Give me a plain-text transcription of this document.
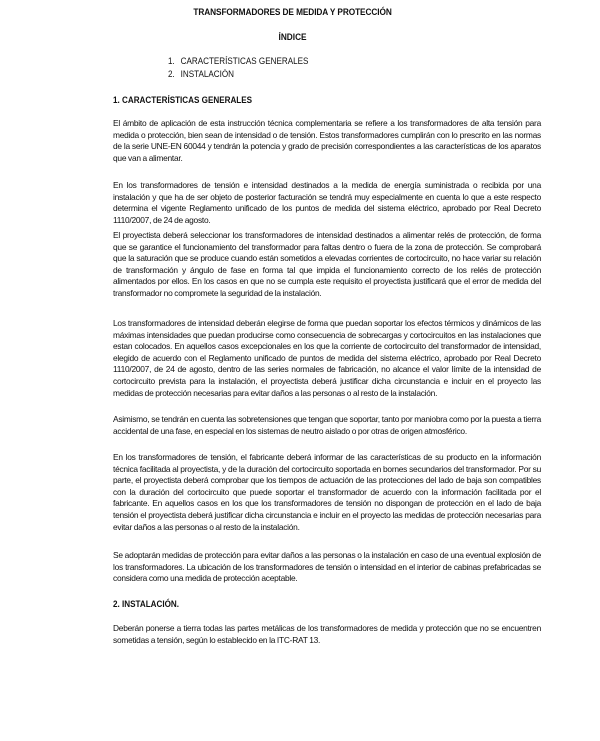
TRANSFORMADORES DE MEDIDA Y PROTECCIÓN
ÍNDICE
1. CARACTERÍSTICAS GENERALES
2. INSTALACIÓN
1. CARACTERÍSTICAS GENERALES

El ámbito de aplicación de esta instrucción técnica complementaria se refiere a los transformadores de alta tensión para medida o protección, bien sean de intensidad o de tensión. Estos transformadores cumplirán con lo prescrito en las normas de la serie UNE-EN 60044 y tendrán la potencia y grado de precisión correspondientes a las características de los aparatos que van a alimentar.

En los transformadores de tensión e intensidad destinados a la medida de energía suministrada o recibida por una instalación y que ha de ser objeto de posterior facturación se tendrá muy especialmente en cuenta lo que a este respecto determina el vigente Reglamento unificado de los puntos de medida del sistema eléctrico, aprobado por Real Decreto 1110/2007, de 24 de agosto.

El proyectista deberá seleccionar los transformadores de intensidad destinados a alimentar relés de protección, de forma que se garantice el funcionamiento del transformador para faltas dentro o fuera de la zona de protección. Se comprobará que la saturación que se produce cuando están sometidos a elevadas corrientes de cortocircuito, no hace variar su relación de transformación y ángulo de fase en forma tal que impida el funcionamiento correcto de los relés de protección alimentados por ellos. En los casos en que no se cumpla este requisito el proyectista justificará que el error de medida del transformador no compromete la seguridad de la instalación.

Los transformadores de intensidad deberán elegirse de forma que puedan soportar los efectos térmicos y dinámicos de las máximas intensidades que puedan producirse como consecuencia de sobrecargas y cortocircuitos en las instalaciones que estan colocados. En aquellos casos excepcionales en los que la corriente de cortocircuito del transformador de intensidad, elegido de acuerdo con el Reglamento unificado de puntos de medida del sistema eléctrico, aprobado por Real Decreto 1110/2007, de 24 de agosto, dentro de las series normales de fabricación, no alcance el valor límite de la intensidad de cortocircuito prevista para la instalación, el proyectista deberá justificar dicha circunstancia e incluir en el proyecto las medidas de protección necesarias para evitar daños a las personas o al resto de la instalación.

Asimismo, se tendrán en cuenta las sobretensiones que tengan que soportar, tanto por maniobra como por la puesta a tierra accidental de una fase, en especial en los sistemas de neutro aislado o por otras de origen atmosférico.

En los transformadores de tensión, el fabricante deberá informar de las características de su producto en la información técnica facilitada al proyectista, y de la duración del cortocircuito soportada en bornes secundarios del transformador. Por su parte, el proyectista deberá comprobar que los tiempos de actuación de las protecciones del lado de baja son compatibles con la duración del cortocircuito que puede soportar el transformador de acuerdo con la información facilitada por el fabricante. En aquellos casos en los que los transformadores de tensión no dispongan de protección en el lado de baja tensión el proyectista deberá justificar dicha circunstancia e incluir en el proyecto las medidas de protección necesarias para evitar daños a las personas o al resto de la instalación.

Se adoptarán medidas de protección para evitar daños a las personas o la instalación en caso de una eventual explosión de los transformadores. La ubicación de los transformadores de tensión o intensidad en el interior de cabinas prefabricadas se considera como una medida de protección aceptable.

2. INSTALACIÓN.

Deberán ponerse a tierra todas las partes metálicas de los transformadores de medida y protección que no se encuentren sometidas a tensión, según lo establecido en la ITC-RAT 13.
